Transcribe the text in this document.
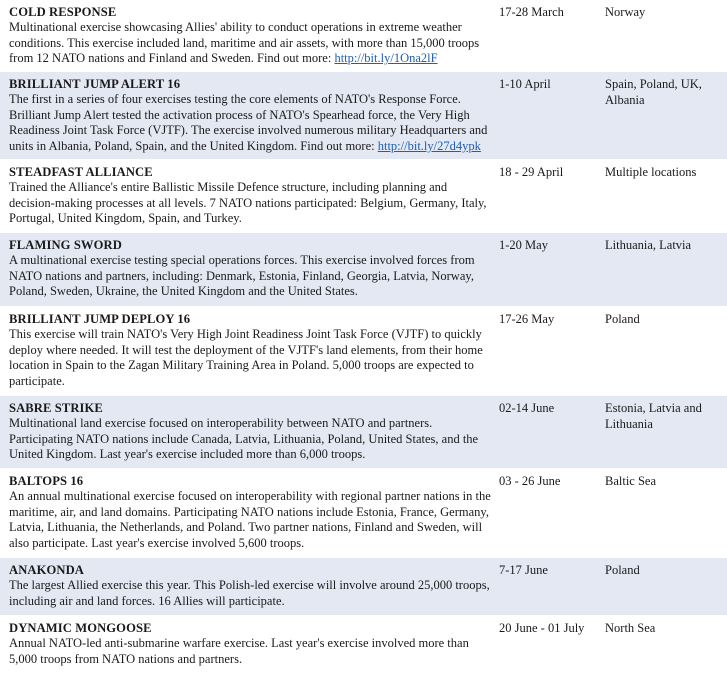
COLD RESPONSE
Multinational exercise showcasing Allies' ability to conduct operations in extreme weather conditions. This exercise included land, maritime and air assets, with more than 15,000 troops from 12 NATO nations and Finland and Sweden. Find out more: http://bit.ly/1Ona2lF
17-28 March	Norway
BRILLIANT JUMP ALERT 16
The first in a series of four exercises testing the core elements of NATO's Response Force. Brilliant Jump Alert tested the activation process of NATO's Spearhead force, the Very High Readiness Joint Task Force (VJTF). The exercise involved numerous military Headquarters and units in Albania, Poland, Spain, and the United Kingdom. Find out more: http://bit.ly/27d4ypk
1-10 April	Spain, Poland, UK, Albania
STEADFAST ALLIANCE
Trained the Alliance's entire Ballistic Missile Defence structure, including planning and decision-making processes at all levels. 7 NATO nations participated: Belgium, Germany, Italy, Portugal, United Kingdom, Spain, and Turkey.
18 - 29 April	Multiple locations
FLAMING SWORD
A multinational exercise testing special operations forces. This exercise involved forces from NATO nations and partners, including: Denmark, Estonia, Finland, Georgia, Latvia, Norway, Poland, Sweden, Ukraine, the United Kingdom and the United States.
1-20 May	Lithuania, Latvia
BRILLIANT JUMP DEPLOY 16
This exercise will train NATO's Very High Joint Readiness Joint Task Force (VJTF) to quickly deploy where needed. It will test the deployment of the VJTF's land elements, from their home location in Spain to the Zagan Military Training Area in Poland. 5,000 troops are expected to participate.
17-26 May	Poland
SABRE STRIKE
Multinational land exercise focused on interoperability between NATO and partners. Participating NATO nations include Canada, Latvia, Lithuania, Poland, United States, and the United Kingdom. Last year's exercise included more than 6,000 troops.
02-14 June	Estonia, Latvia and Lithuania
BALTOPS 16
An annual multinational exercise focused on interoperability with regional partner nations in the maritime, air, and land domains. Participating NATO nations include Estonia, France, Germany, Latvia, Lithuania, the Netherlands, and Poland. Two partner nations, Finland and Sweden, will also participate. Last year's exercise involved 5,600 troops.
03 - 26 June	Baltic Sea
ANAKONDA
The largest Allied exercise this year. This Polish-led exercise will involve around 25,000 troops, including air and land forces. 16 Allies will participate.
7-17 June	Poland
DYNAMIC MONGOOSE
Annual NATO-led anti-submarine warfare exercise. Last year's exercise involved more than 5,000 troops from NATO nations and partners.
20 June - 01 July	North Sea
